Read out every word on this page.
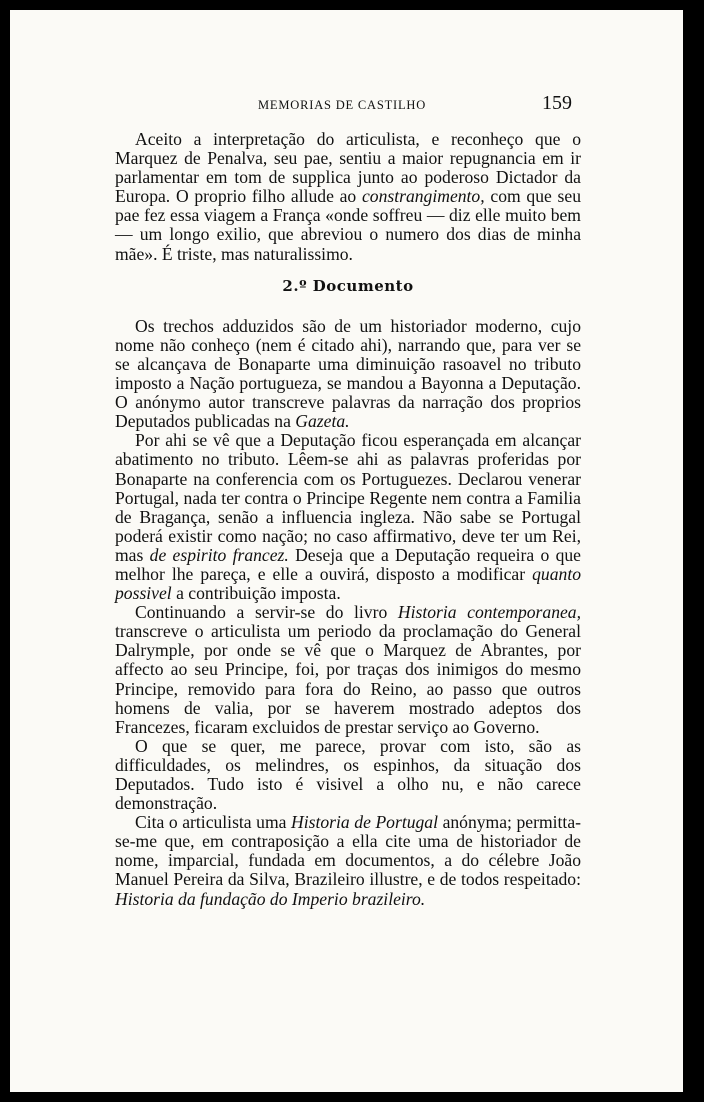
MEMORIAS DE CASTILHO	159

Aceito a interpretação do articulista, e reconheço que o Marquez de Penalva, seu pae, sentiu a maior repugnancia em ir parlamentar em tom de supplica junto ao poderoso Dictador da Europa. O proprio filho allude ao constrangimento, com que seu pae fez essa viagem a França «onde soffreu — diz elle muito bem — um longo exilio, que abreviou o numero dos dias de minha mãe». É triste, mas naturalissimo.

2.º Documento

Os trechos adduzidos são de um historiador moderno, cujo nome não conheço (nem é citado ahi), narrando que, para ver se se alcançava de Bonaparte uma diminuição rasoavel no tributo imposto a Nação portugueza, se mandou a Bayonna a Deputação. O anónymo autor transcreve palavras da narração dos proprios Deputados publicadas na Gazeta.

Por ahi se vê que a Deputação ficou esperançada em alcançar abatimento no tributo. Lêem-se ahi as palavras proferidas por Bonaparte na conferencia com os Portuguezes. Declarou venerar Portugal, nada ter contra o Principe Regente nem contra a Familia de Bragança, senão a influencia ingleza. Não sabe se Portugal poderá existir como nação; no caso affirmativo, deve ter um Rei, mas de espirito francez. Deseja que a Deputação requeira o que melhor lhe pareça, e elle a ouvirá, disposto a modificar quanto possivel a contribuição imposta.

Continuando a servir-se do livro Historia contemporanea, transcreve o articulista um periodo da proclamação do General Dalrymple, por onde se vê que o Marquez de Abrantes, por affecto ao seu Principe, foi, por traças dos inimigos do mesmo Principe, removido para fora do Reino, ao passo que outros homens de valia, por se haverem mostrado adeptos dos Francezes, ficaram excluidos de prestar serviço ao Governo.

O que se quer, me parece, provar com isto, são as difficuldades, os melindres, os espinhos, da situação dos Deputados. Tudo isto é visivel a olho nu, e não carece demonstração.

Cita o articulista uma Historia de Portugal anónyma; permitta-se-me que, em contraposição a ella cite uma de historiador de nome, imparcial, fundada em documentos, a do célebre João Manuel Pereira da Silva, Brazileiro illustre, e de todos respeitado: Historia da fundação do Imperio brazileiro.
